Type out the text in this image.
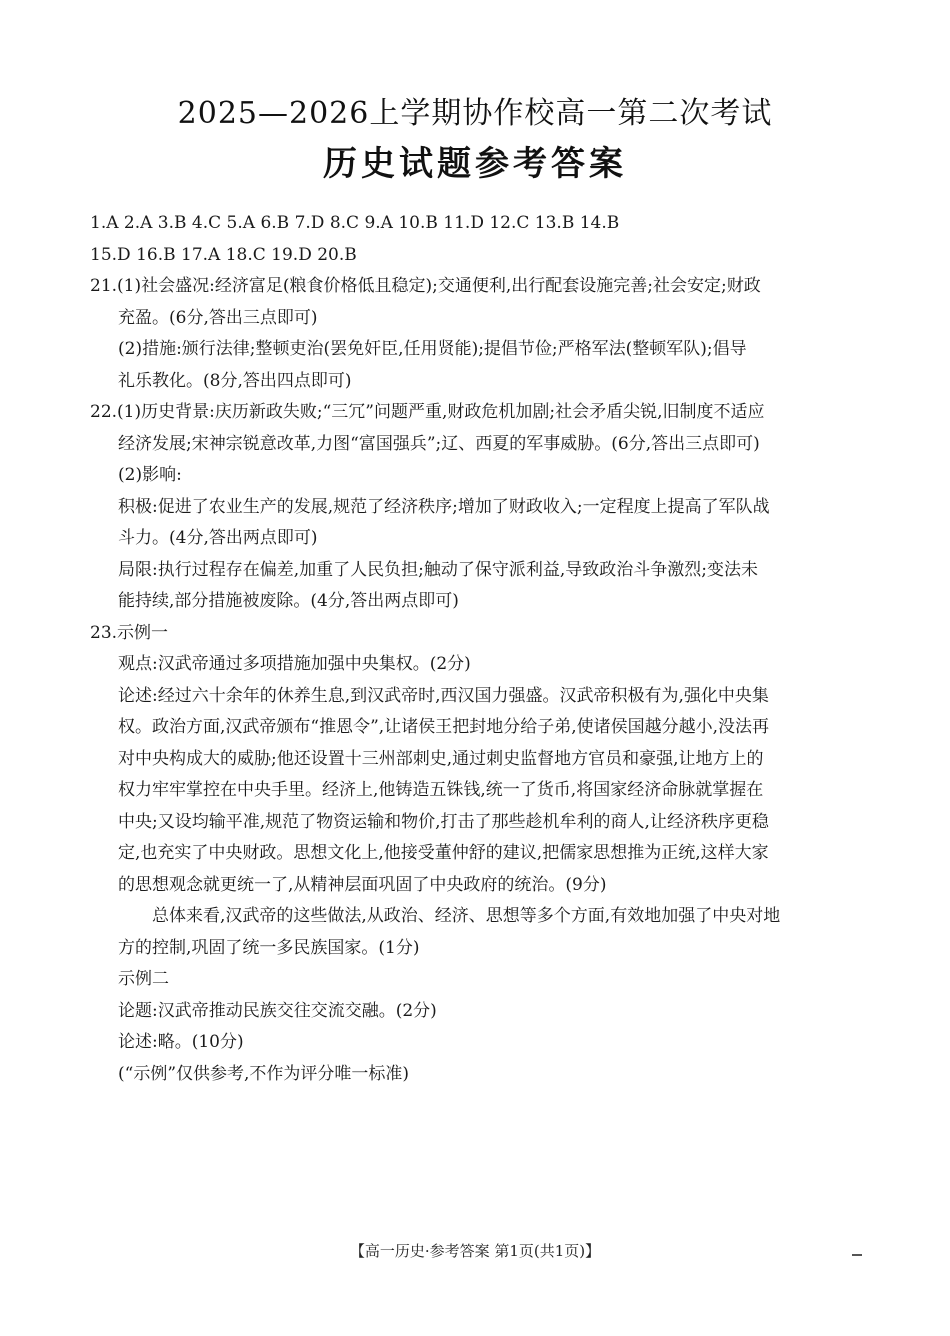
2025—2026上学期协作校高一第二次考试
历史试题参考答案

1.A 2.A 3.B 4.C 5.A 6.B 7.D 8.C 9.A 10.B 11.D 12.C 13.B 14.B

15.D 16.B 17.A 18.C 19.D 20.B

21.(1)社会盛况:经济富足(粮食价格低且稳定);交通便利,出行配套设施完善;社会安定;财政

充盈。(6分,答出三点即可)

(2)措施:颁行法律;整顿吏治(罢免奸臣,任用贤能);提倡节俭;严格军法(整顿军队);倡导

礼乐教化。(8分,答出四点即可)

22.(1)历史背景:庆历新政失败;“三冗”问题严重,财政危机加剧;社会矛盾尖锐,旧制度不适应

经济发展;宋神宗锐意改革,力图“富国强兵”;辽、西夏的军事威胁。(6分,答出三点即可)

(2)影响:

积极:促进了农业生产的发展,规范了经济秩序;增加了财政收入;一定程度上提高了军队战

斗力。(4分,答出两点即可)

局限:执行过程存在偏差,加重了人民负担;触动了保守派利益,导致政治斗争激烈;变法未

能持续,部分措施被废除。(4分,答出两点即可)

23.示例一

观点:汉武帝通过多项措施加强中央集权。(2分)

论述:经过六十余年的休养生息,到汉武帝时,西汉国力强盛。汉武帝积极有为,强化中央集

权。政治方面,汉武帝颁布“推恩令”,让诸侯王把封地分给子弟,使诸侯国越分越小,没法再

对中央构成大的威胁;他还设置十三州部刺史,通过刺史监督地方官员和豪强,让地方上的

权力牢牢掌控在中央手里。经济上,他铸造五铢钱,统一了货币,将国家经济命脉就掌握在

中央;又设均输平准,规范了物资运输和物价,打击了那些趁机牟利的商人,让经济秩序更稳

定,也充实了中央财政。思想文化上,他接受董仲舒的建议,把儒家思想推为正统,这样大家

的思想观念就更统一了,从精神层面巩固了中央政府的统治。(9分)

总体来看,汉武帝的这些做法,从政治、经济、思想等多个方面,有效地加强了中央对地

方的控制,巩固了统一多民族国家。(1分)

示例二

论题:汉武帝推动民族交往交流交融。(2分)

论述:略。(10分)

(“示例”仅供参考,不作为评分唯一标准)

【高一历史·参考答案 第1页(共1页)】
